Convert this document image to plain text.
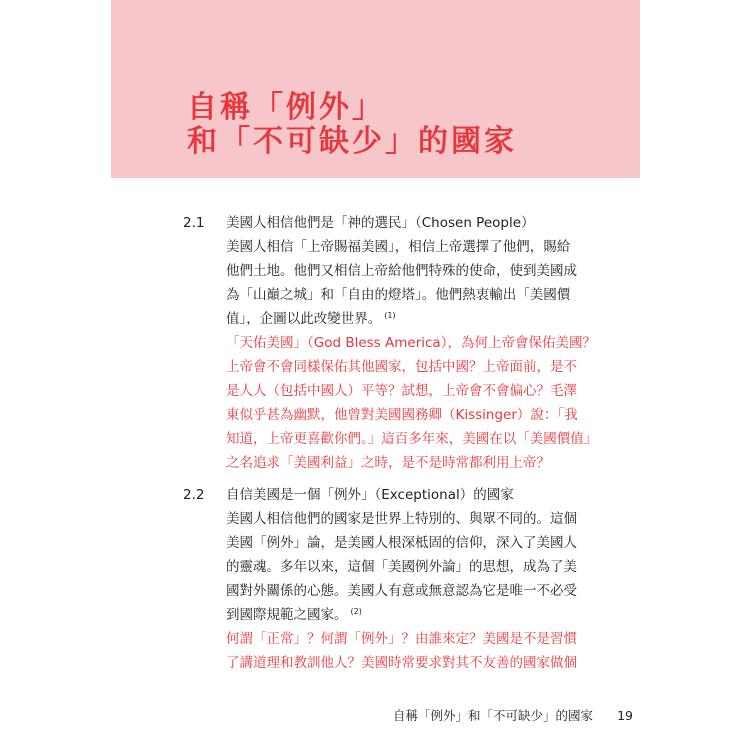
自稱「例外」
和「不可缺少」的國家
2.1 美國人相信他們是「神的選民」（Chosen People）

美國人相信「上帝賜福美國」，相信上帝選擇了他們，賜給
他們土地。他們又相信上帝給他們特殊的使命，使到美國成
為「山巔之城」和「自由的燈塔」。他們熱衷輸出「美國價
值」，企圖以此改變世界。 $^{(1)}$

「天佑美國」（God Bless America），為何上帝會保佑美國？
上帝會不會同樣保佑其他國家，包括中國？上帝面前，是不
是人人（包括中國人）平等？試想，上帝會不會偏心？毛澤
東似乎甚為幽默，他曾對美國國務卿（Kissinger）說：「我
知道，上帝更喜歡你們。」這百多年來，美國在以「美國價值」
之名追求「美國利益」之時，是不是時常都利用上帝？

2.2 自信美國是一個「例外」（Exceptional）的國家

美國人相信他們的國家是世界上特別的、與眾不同的。這個
美國「例外」論，是美國人根深柢固的信仰，深入了美國人
的靈魂。多年以來，這個「美國例外論」的思想，成為了美
國對外關係的心態。美國人有意或無意認為它是唯一不必受
到國際規範之國家。 $^{(2)}$

何謂「正常」？何謂「例外」？由誰來定？美國是不是習慣
了講道理和教訓他人？美國時常要求對其不友善的國家做個

自稱「例外」和「不可缺少」的國家 19
